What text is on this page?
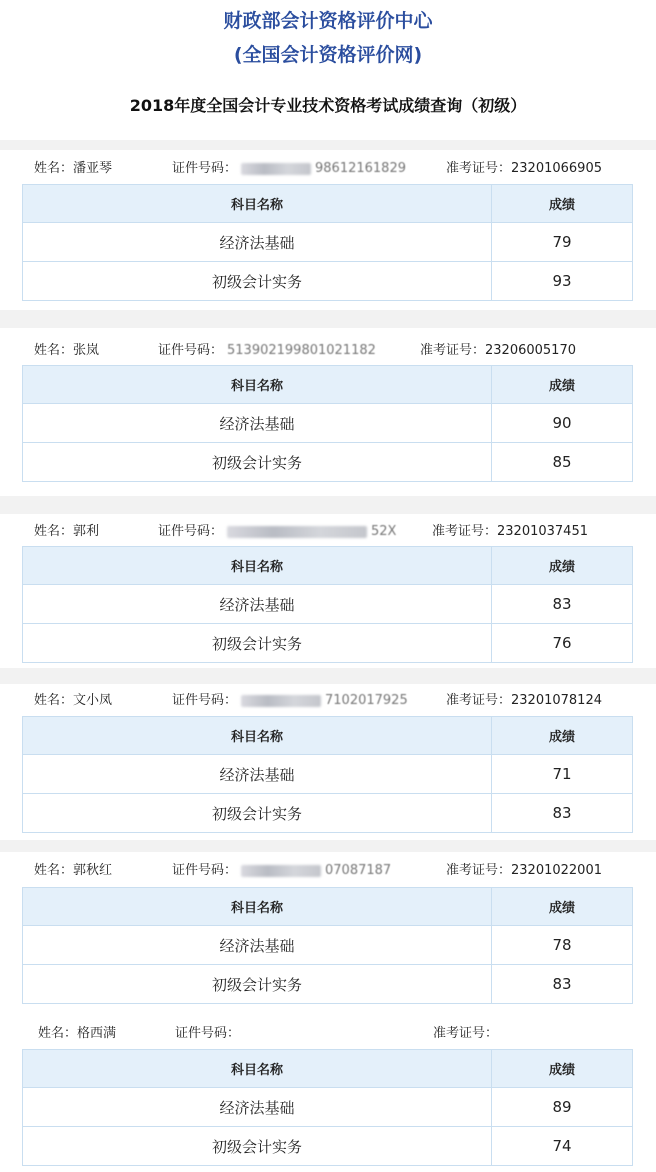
财政部会计资格评价中心
(全国会计资格评价网)
2018年度全国会计专业技术资格考试成绩查询（初级）
姓名：潘亚琴	证件号码：	98612161829	准考证号：23201066905
科目名称	成绩
经济法基础	79
初级会计实务	93
姓名：张岚	证件号码： 513902199801021182	准考证号：23206005170
科目名称	成绩
经济法基础	90
初级会计实务	85
姓名：郭利	证件号码：	52X	准考证号：23201037451
科目名称	成绩
经济法基础	83
初级会计实务	76
姓名：文小凤	证件号码：	7102017925	准考证号：23201078124
科目名称	成绩
经济法基础	71
初级会计实务	83
姓名：郭秋红	证件号码：	07087187	准考证号：23201022001
科目名称	成绩
经济法基础	78
初级会计实务	83
姓名：格西满	证件号码：	准考证号：
科目名称	成绩
经济法基础	89
初级会计实务	74
